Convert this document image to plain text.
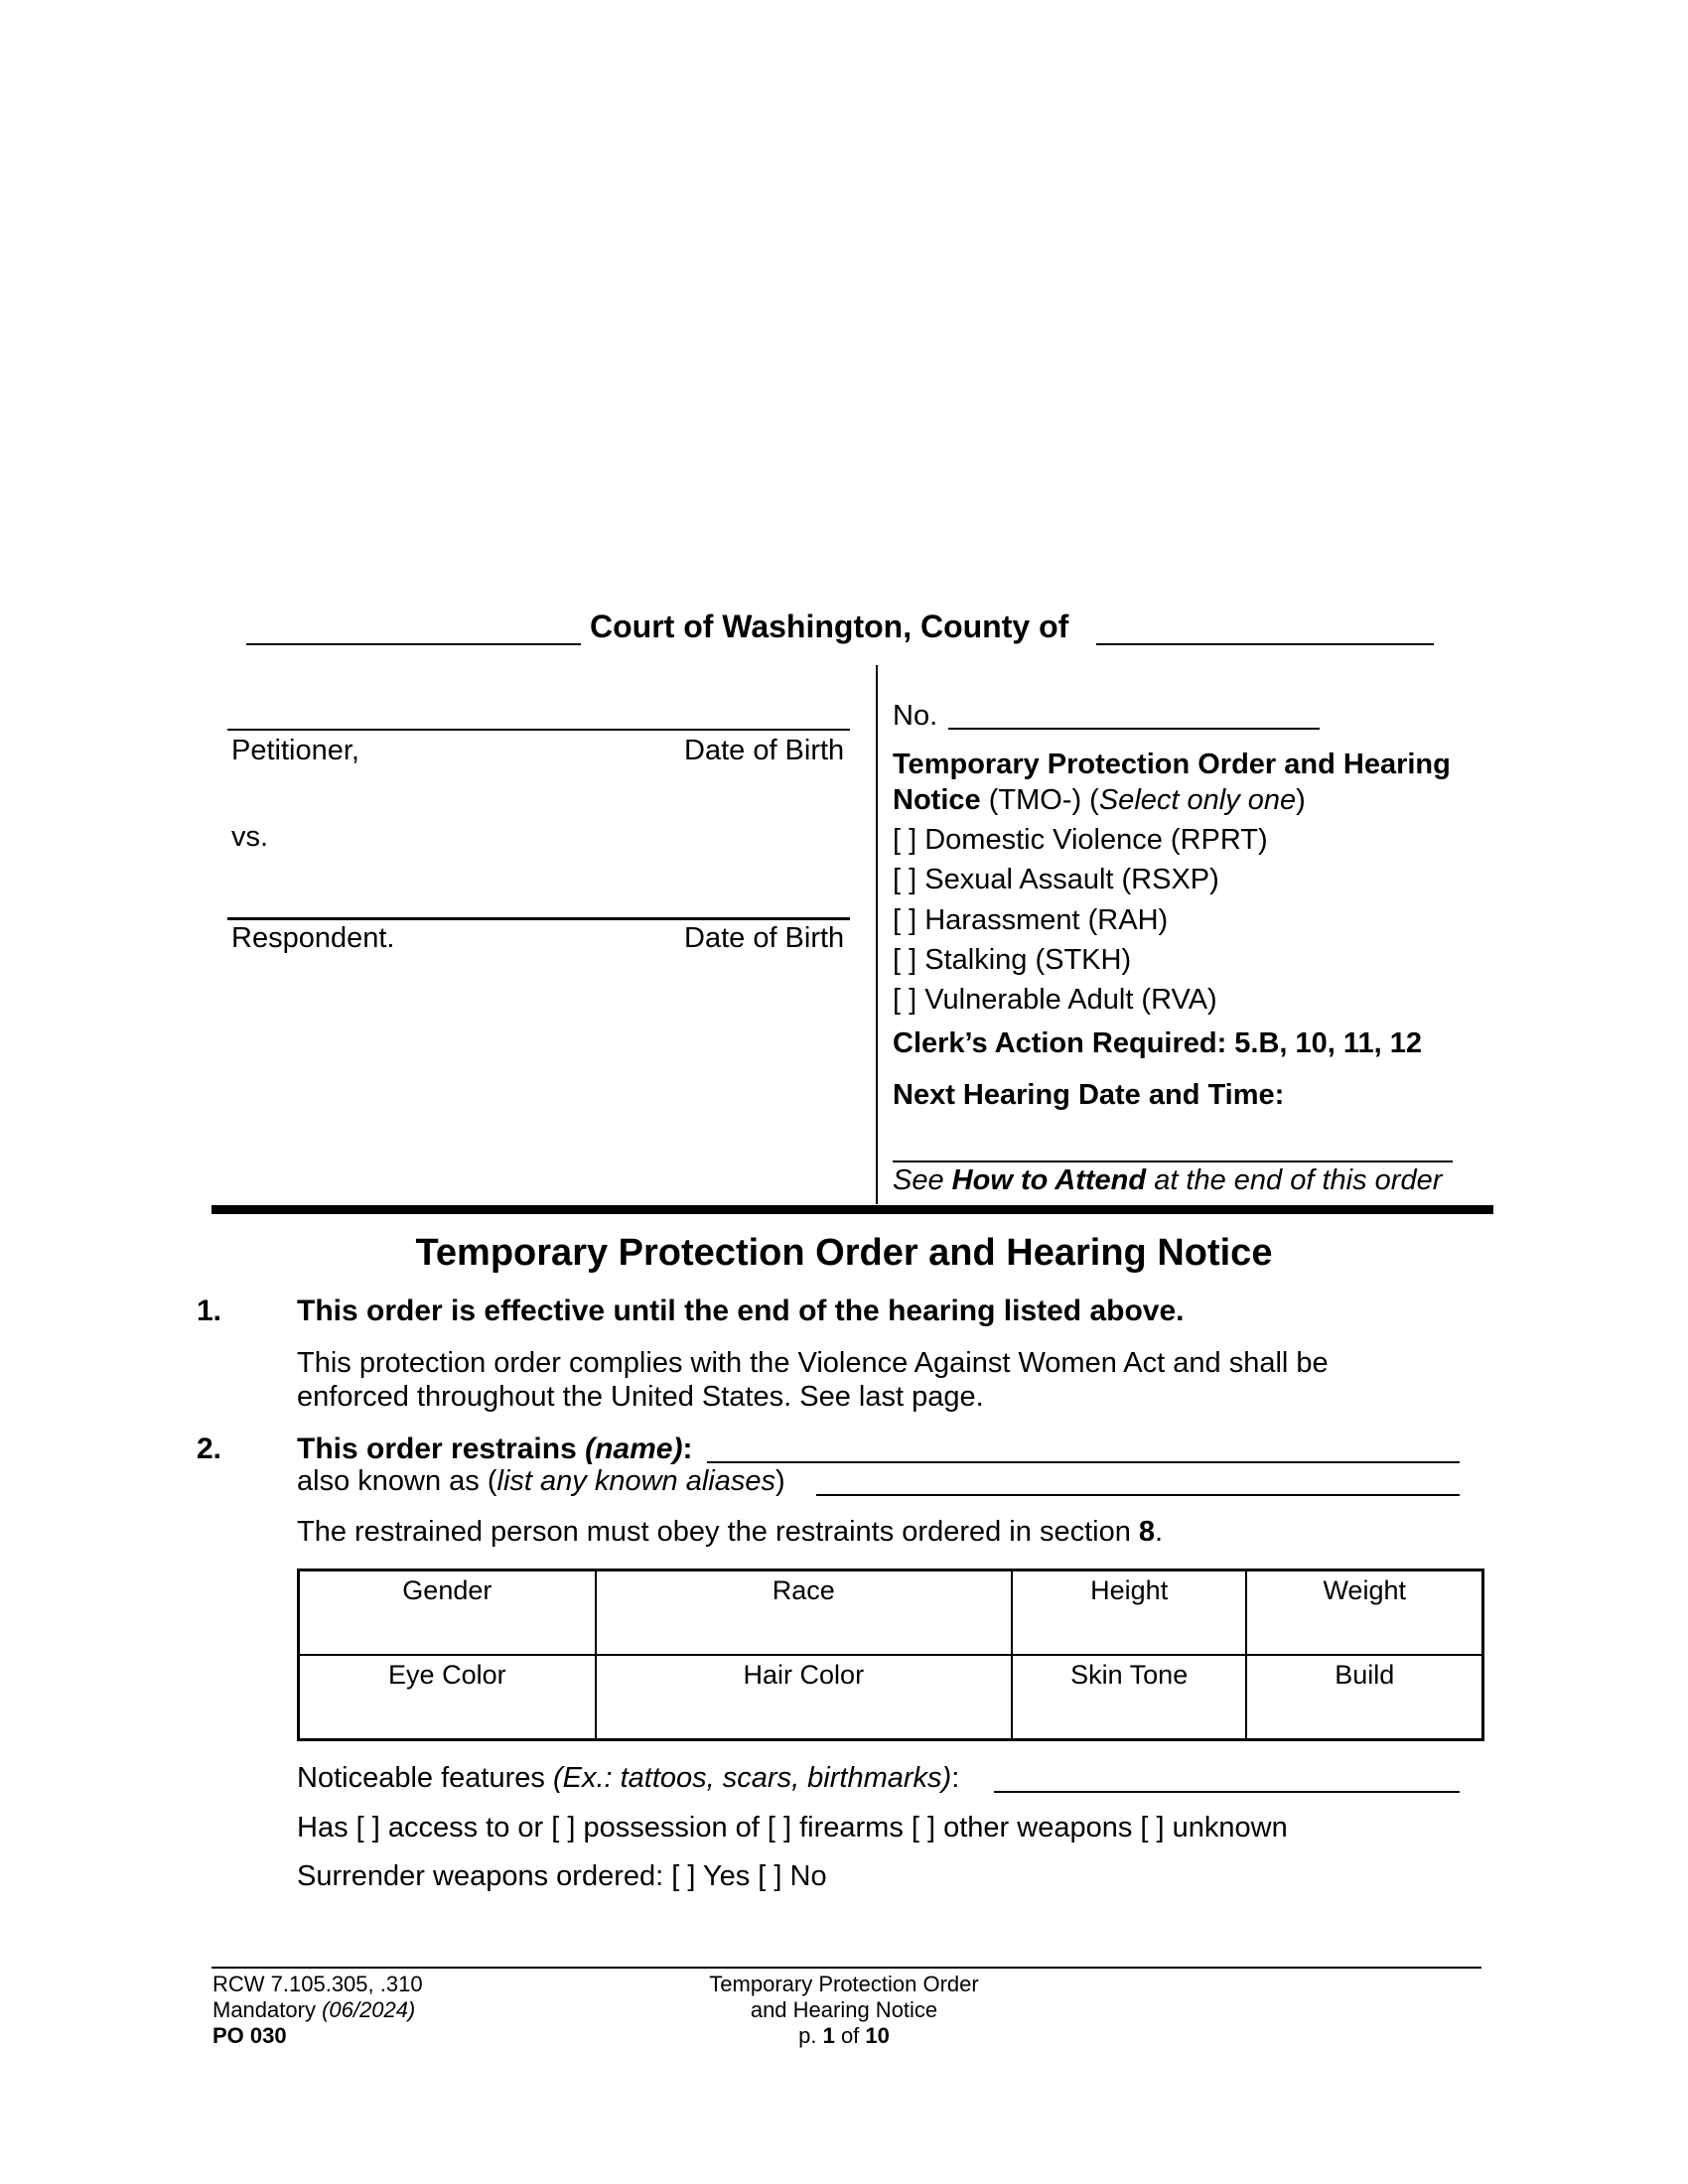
Court of Washington, County of
Petitioner,	Date of Birth
vs.
Respondent.	Date of Birth
No.
Temporary Protection Order and Hearing
Notice (TMO-) (Select only one)
[ ] Domestic Violence (RPRT)
[ ] Sexual Assault (RSXP)
[ ] Harassment (RAH)
[ ] Stalking (STKH)
[ ] Vulnerable Adult (RVA)
Clerk’s Action Required: 5.B, 10, 11, 12
Next Hearing Date and Time:
See How to Attend at the end of this order
Temporary Protection Order and Hearing Notice
1.	This order is effective until the end of the hearing listed above.
This protection order complies with the Violence Against Women Act and shall be
enforced throughout the United States. See last page.
2.	This order restrains (name):
also known as (list any known aliases)
The restrained person must obey the restraints ordered in section 8.
Gender	Race	Height	Weight
Eye Color	Hair Color	Skin Tone	Build
Noticeable features (Ex.: tattoos, scars, birthmarks):
Has [ ] access to or [ ] possession of [ ] firearms [ ] other weapons [ ] unknown
Surrender weapons ordered: [ ] Yes [ ] No
RCW 7.105.305, .310
Mandatory (06/2024)
PO 030
Temporary Protection Order
and Hearing Notice
p. 1 of 10
